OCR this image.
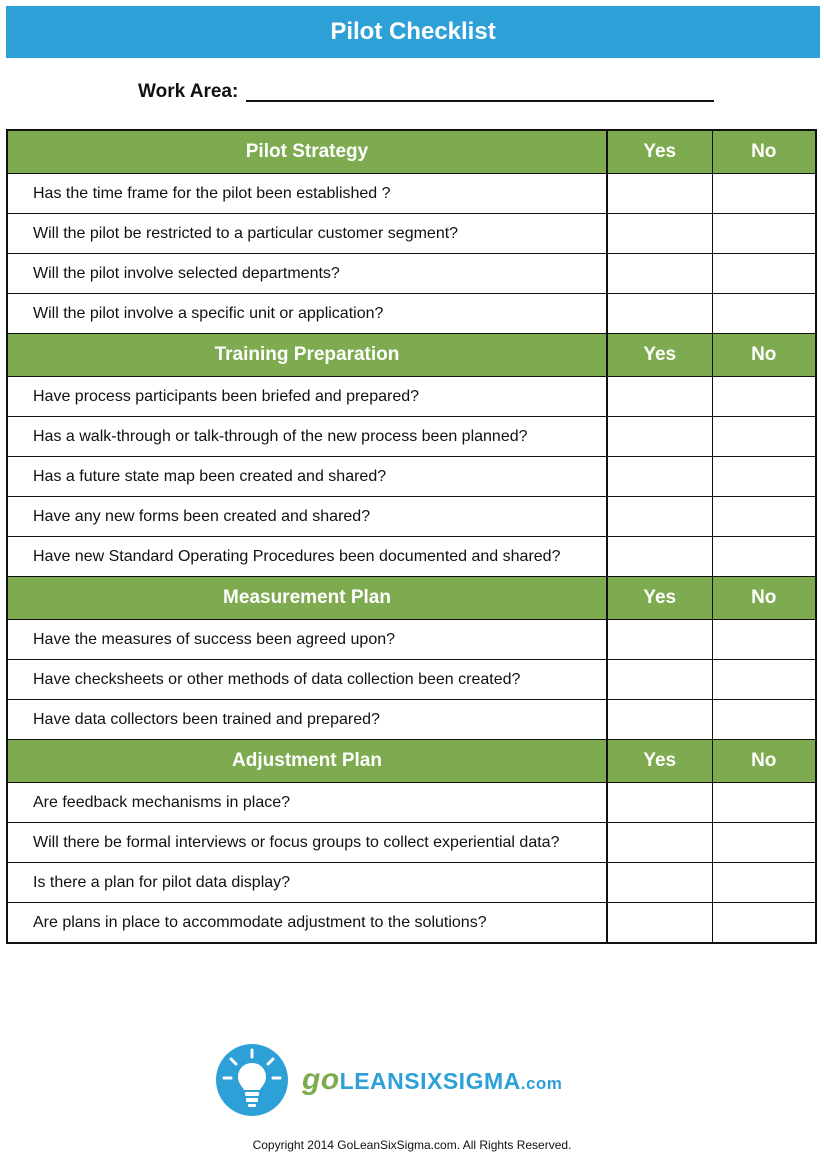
Pilot Checklist
Work Area:
Pilot Strategy	Yes	No
Has the time frame for the pilot been established ?		
Will the pilot be restricted to a particular customer segment?		
Will the pilot involve selected departments?		
Will the pilot involve a specific unit or application?		
Training Preparation	Yes	No
Have process participants been briefed and prepared?		
Has a walk-through or talk-through of the new process been planned?		
Has a future state map been created and shared?		
Have any new forms been created and shared?		
Have new Standard Operating Procedures been documented and shared?		
Measurement Plan	Yes	No
Have the measures of success been agreed upon?		
Have checksheets or other methods of data collection been created?		
Have data collectors been trained and prepared?		
Adjustment Plan	Yes	No
Are feedback mechanisms in place?		
Will there be formal interviews or focus groups to collect experiential data?		
Is there a plan for pilot data display?		
Are plans in place to accommodate adjustment to the solutions?		
go LEANSIXSIGMA .com
Copyright 2014 GoLeanSixSigma.com. All Rights Reserved.
